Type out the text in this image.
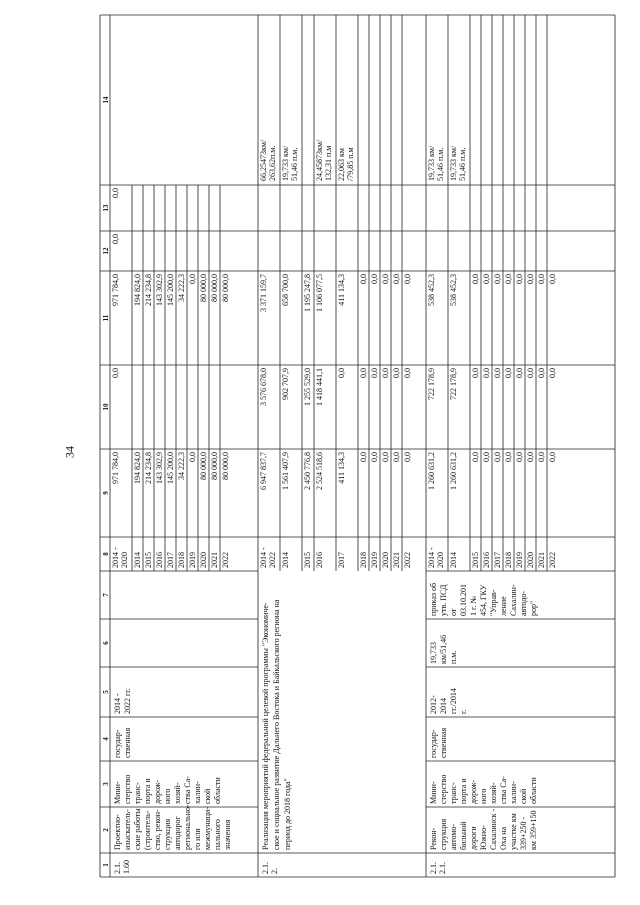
34
1
2
3
4
5
6
7
8
9
10
11
12
13
14
2.1.1.60
Проектно-изыскатель-ские работы(строитель-ство, рекон-струкцияавтодорогрегионально-го илимежмуници-пальногозначения
Мини-стерствотранс-порта идорож-ногохозяй-ства Са-халин-скойобласти
государ-ственная
2014 -2022 гг.
2014 -2020
971 784,0
0,0
971 784,0
0,0
0,0
2014
194 824,0
194 824,0
2015
214 234,8
214 234,8
2016
143 302,9
143 302,9
2017
145 200,0
145 200,0
2018
34 222,3
34 222,3
2019
0,0
0,0
2020
80 000,0
80 000,0
2021
80 000,0
80 000,0
2022
80 000,0
80 000,0
2.1.2.
Реализация мероприятий федеральной целевой программы "Экономиче- ское и социальное развитие Дальнего Востока и Байкальского региона на период до 2018 года"
2014 -2022
6 947 837,7
3 576 678,0
3 371 159,7
66,25473км/263,62п.м.
2014
1 561 407,9
902 707,9
658 700,0
19,733 км/51,46 п.м.
2015
2 450 776,8
1 255 529,0
1 195 247,8
2016
2 524 518,6
1 418 441,1
1 106 077,5
24,45873км/132,31 п.м
2017
411 134,3
0,0
411 134,3
22,063 км/79,85 п.м
2018
0,0
0,0
0,0
2019
0,0
0,0
0,0
2020
0,0
0,0
0,0
2021
0,0
0,0
0,0
2022
0,0
0,0
0,0
2.1.2.1.
Рекон-струкцияавтомо-бильнойдорогиЮжно-Сахалинск -Оха научастке км339+250 -км 359+150
Мини-стерствотранс-порта идорож-ногохозяй-ства Са-халин-скойобласти
государ-ственная
2012-2014гг./2014г.
19,733км/51,46п.м.
приказ обутв. ПСДот03.10.2011 г. №454, ГКУ"Управ-лениеСахалин-автодо-рор"
2014 -2020
1 260 631,2
722 178,9
538 452,3
19,733 км/51,46 п.м.
2014
1 260 631,2
722 178,9
538 452,3
19,733 км/51,46 п.м.
2015
0,0
0,0
0,0
2016
0,0
0,0
0,0
2017
0,0
0,0
0,0
2018
0,0
0,0
0,0
2019
0,0
0,0
0,0
2020
0,0
0,0
0,0
2021
0,0
0,0
0,0
2022
0,0
0,0
0,0
